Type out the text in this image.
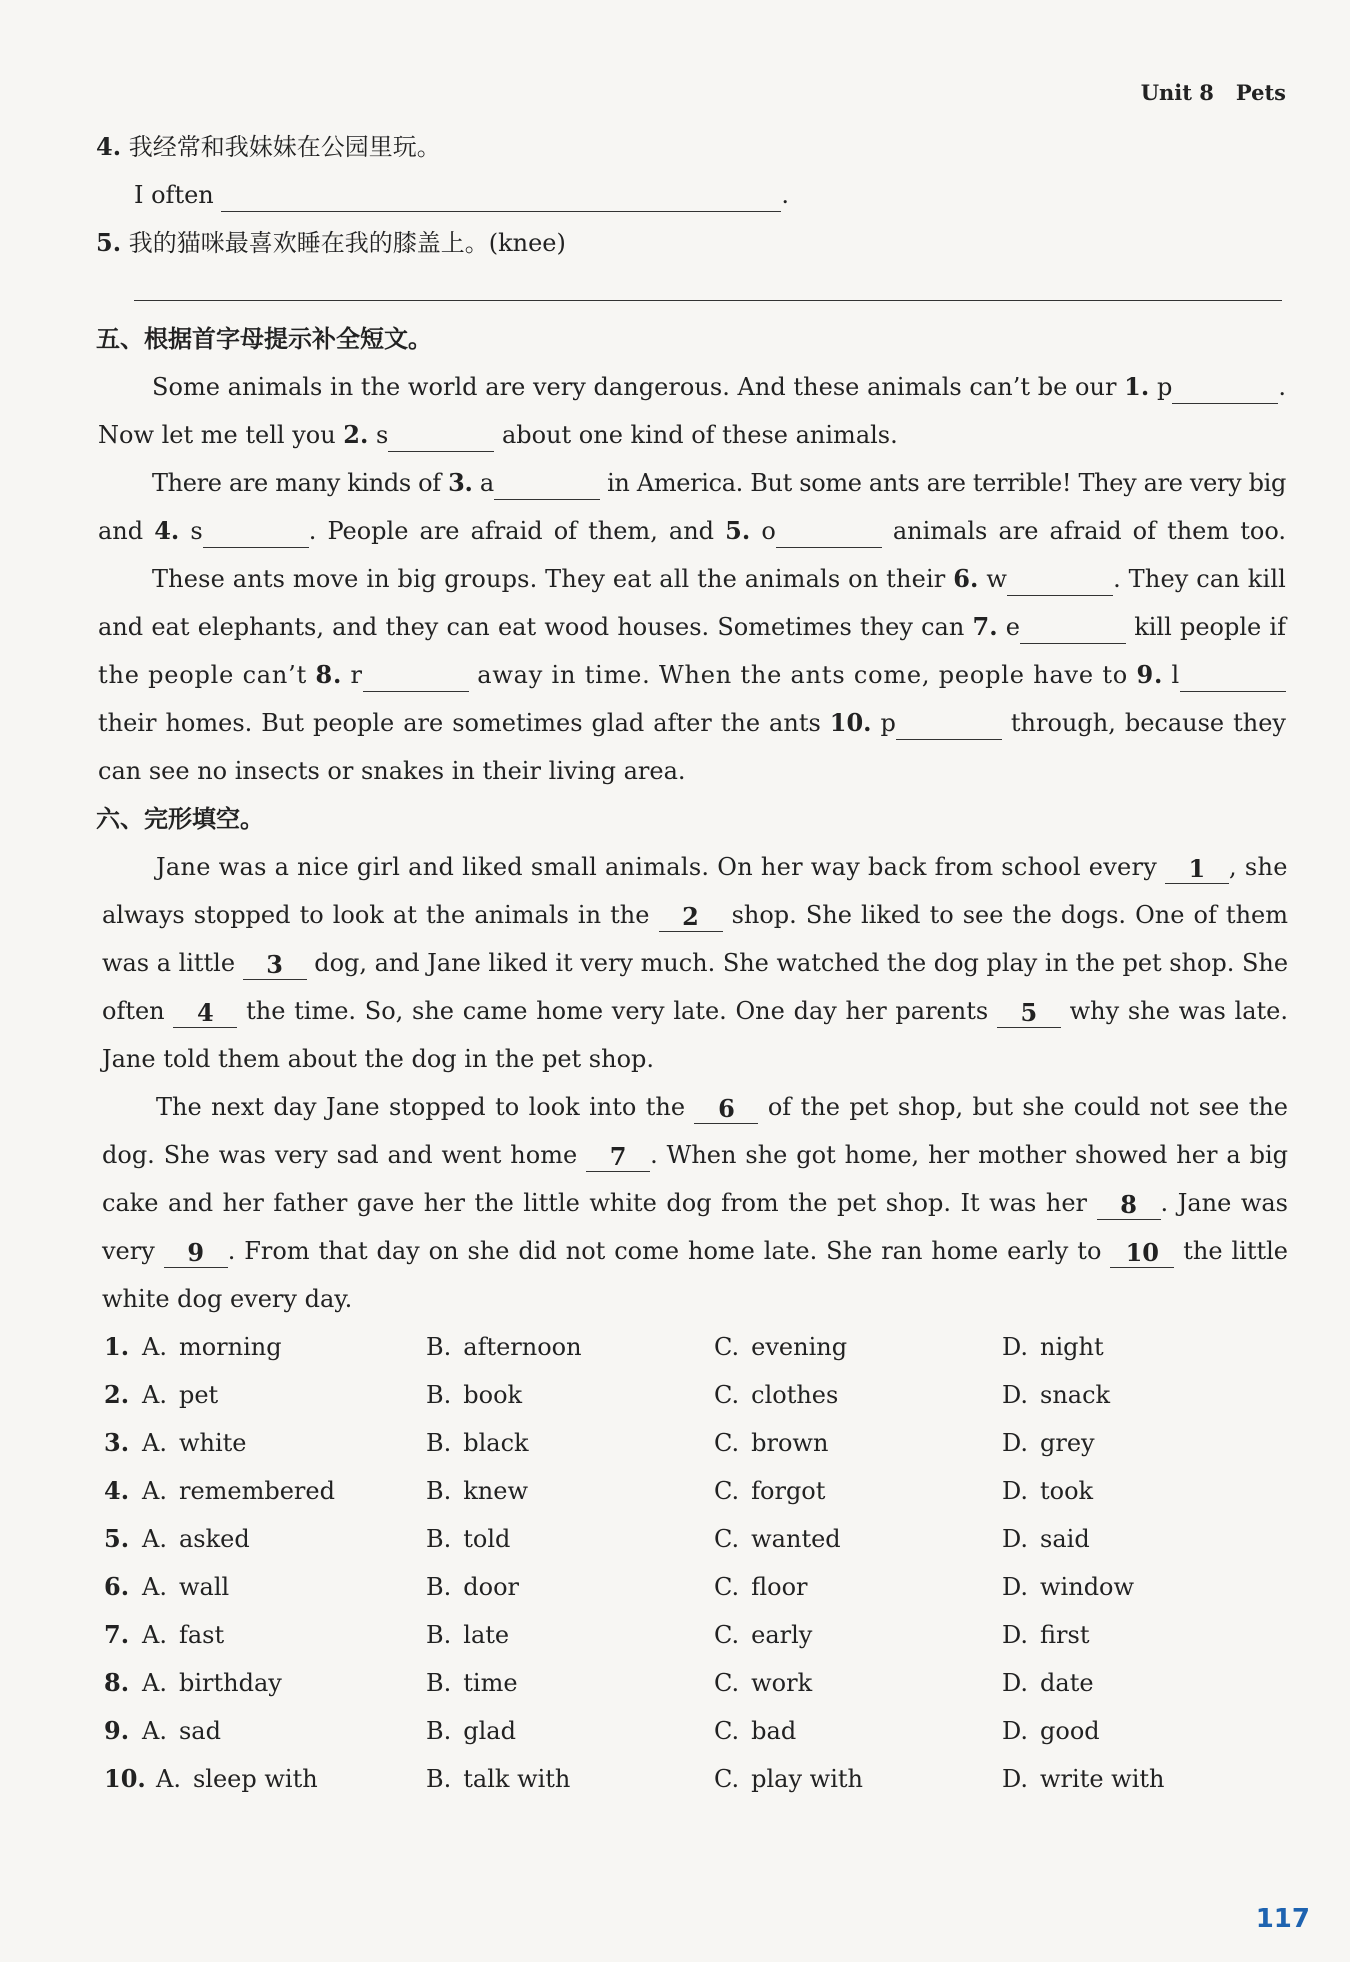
Unit 8 Pets
4. 我经常和我妹妹在公园里玩。
I often	.
5. 我的猫咪最喜欢睡在我的膝盖上。(knee)
五、根据首字母提示补全短文。
Some animals in the world are very dangerous. And these animals can’t be our 1. p	.
Now let me tell you 2. s	about one kind of these animals.
There are many kinds of 3. a	in America. But some ants are terrible! They are very big
and 4. s	. People are afraid of them, and 5. o	animals are afraid of them too.
These ants move in big groups. They eat all the animals on their 6. w	. They can kill
and eat elephants, and they can eat wood houses. Sometimes they can 7. e	kill people if
the people can’t 8. r	away in time. When the ants come, people have to 9. l
their homes. But people are sometimes glad after the ants 10. p	through, because they
can see no insects or snakes in their living area.
六、完形填空。
Jane was a nice girl and liked small animals. On her way back from school every 1 , she
always stopped to look at the animals in the 2 shop. She liked to see the dogs. One of them
was a little 3 dog, and Jane liked it very much. She watched the dog play in the pet shop. She
often 4 the time. So, she came home very late. One day her parents 5 why she was late.
Jane told them about the dog in the pet shop.
The next day Jane stopped to look into the 6 of the pet shop, but she could not see the
dog. She was very sad and went home 7 . When she got home, her mother showed her a big
cake and her father gave her the little white dog from the pet shop. It was her 8 . Jane was
very 9 . From that day on she did not come home late. She ran home early to 10 the little
white dog every day.
1. A. morning	B. afternoon	C. evening	D. night
2. A. pet	B. book	C. clothes	D. snack
3. A. white	B. black	C. brown	D. grey
4. A. remembered	B. knew	C. forgot	D. took
5. A. asked	B. told	C. wanted	D. said
6. A. wall	B. door	C. floor	D. window
7. A. fast	B. late	C. early	D. first
8. A. birthday	B. time	C. work	D. date
9. A. sad	B. glad	C. bad	D. good
10. A. sleep with	B. talk with	C. play with	D. write with
117
